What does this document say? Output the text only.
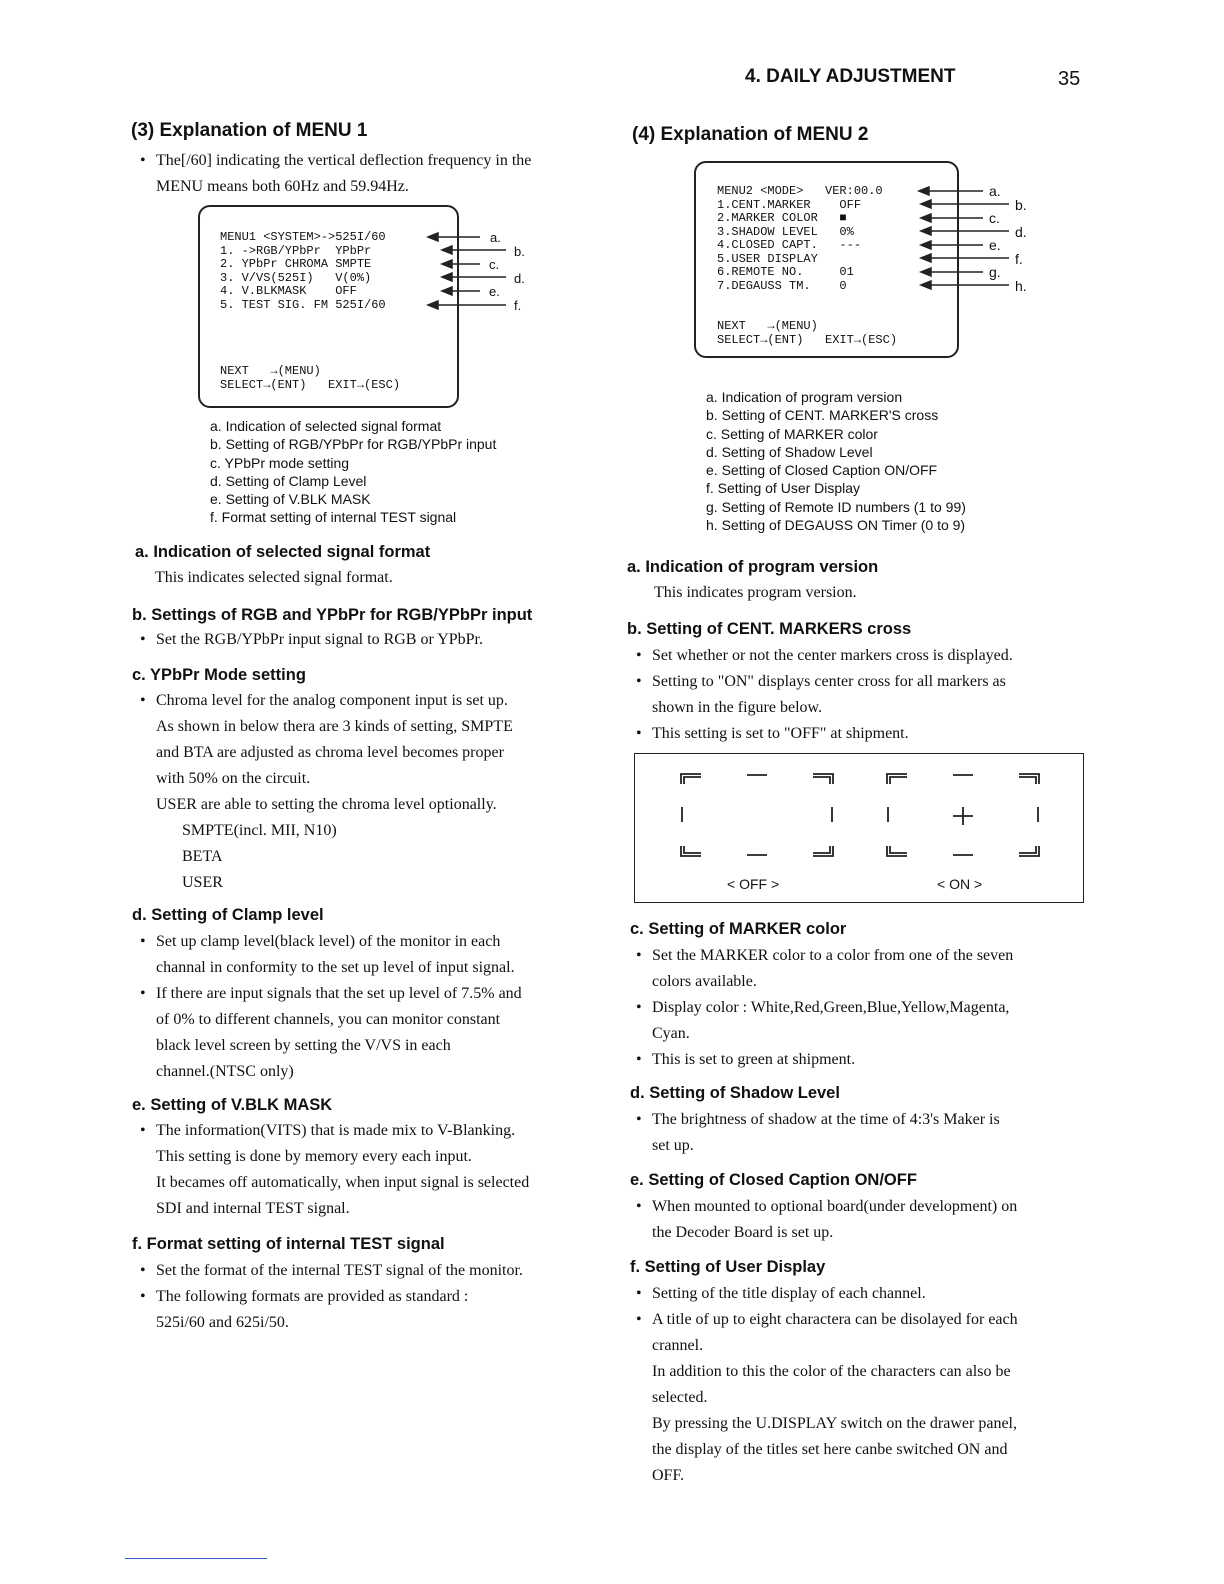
4. DAILY ADJUSTMENT	35
(3) Explanation of MENU 1
• The[/60] indicating the vertical deflection frequency in the
MENU means both 60Hz and 59.94Hz.
MENU1 <SYSTEM>->525I/60
1. ->RGB/YPbPr  YPbPr
2. YPbPr CHROMA SMPTE
3. V/VS(525I)   V(0%)
4. V.BLKMASK    OFF
5. TEST SIG. FM 525I/60
NEXT   →(MENU)
SELECT→(ENT)   EXIT→(ESC)
a.
b.
c.
d.
e.
f.
a. Indication of selected signal format
b. Setting of RGB/YPbPr for RGB/YPbPr input
c. YPbPr mode setting
d. Setting of Clamp Level
e. Setting of V.BLK MASK
f. Format setting of internal TEST signal
a. Indication of selected signal format
This indicates selected signal format.
b. Settings of RGB and YPbPr for RGB/YPbPr input
• Set the RGB/YPbPr input signal to RGB or YPbPr.
c. YPbPr Mode setting
• Chroma level for the analog component input is set up.
As shown in below thera are 3 kinds of setting, SMPTE
and BTA are adjusted as chroma level becomes proper
with 50% on the circuit.
USER are able to setting the chroma level optionally.
SMPTE(incl. MII, N10)
BETA
USER
d. Setting of Clamp level
• Set up clamp level(black level) of the monitor in each
channal in conformity to the set up level of input signal.
• If there are input signals that the set up level of 7.5% and
of 0% to different channels, you can monitor constant
black level screen by setting the V/VS in each
channel.(NTSC only)
e. Setting of V.BLK MASK
• The information(VITS) that is made mix to V-Blanking.
This setting is done by memory every each input.
It becames off automatically, when input signal is selected
SDI and internal TEST signal.
f. Format setting of internal TEST signal
• Set the format of the internal TEST signal of the monitor.
• The following formats are provided as standard :
525i/60 and 625i/50.
(4) Explanation of MENU 2
MENU2 <MODE>   VER:00.0
1.CENT.MARKER    OFF
2.MARKER COLOR   ■
3.SHADOW LEVEL   0%
4.CLOSED CAPT.   ---
5.USER DISPLAY
6.REMOTE NO.     01
7.DEGAUSS TM.    0
NEXT   →(MENU)
SELECT→(ENT)   EXIT→(ESC)
a.
b.
c.
d.
e.
f.
g.
h.
a. Indication of program version
b. Setting of CENT. MARKER'S cross
c. Setting of MARKER color
d. Setting of Shadow Level
e. Setting of Closed Caption ON/OFF
f. Setting of User Display
g. Setting of Remote ID numbers (1 to 99)
h. Setting of DEGAUSS ON Timer (0 to 9)
a. Indication of program version
This indicates program version.
b. Setting of CENT. MARKERS cross
• Set whether or not the center markers cross is displayed.
• Setting to "ON" displays center cross for all markers as
shown in the figure below.
• This setting is set to "OFF" at shipment.
< OFF >	< ON >
c. Setting of MARKER color
• Set the MARKER color to a color from one of the seven
colors available.
• Display color : White,Red,Green,Blue,Yellow,Magenta,
Cyan.
• This is set to green at shipment.
d. Setting of Shadow Level
• The brightness of shadow at the time of 4:3's Maker is
set up.
e. Setting of Closed Caption ON/OFF
• When mounted to optional board(under development) on
the Decoder Board is set up.
f. Setting of User Display
• Setting of the title display of each channel.
• A title of up to eight charactera can be disolayed for each
crannel.
In addition to this the color of the characters can also be
selected.
By pressing the U.DISPLAY switch on the drawer panel,
the display of the titles set here canbe switched ON and
OFF.
